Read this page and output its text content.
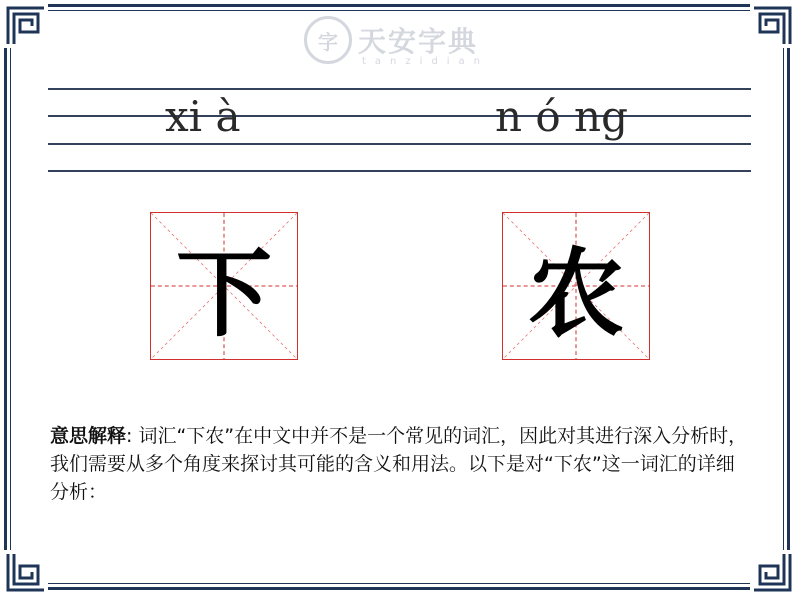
字 天安字典
tanzidian
xi à	n ó ng
下	农
意思解释: 词汇“下农”在中文中并不是一个常见的词汇，因此对其进行深入分析时，我们需要从多个角度来探讨其可能的含义和用法。以下是对“下农”这一词汇的详细分析：
